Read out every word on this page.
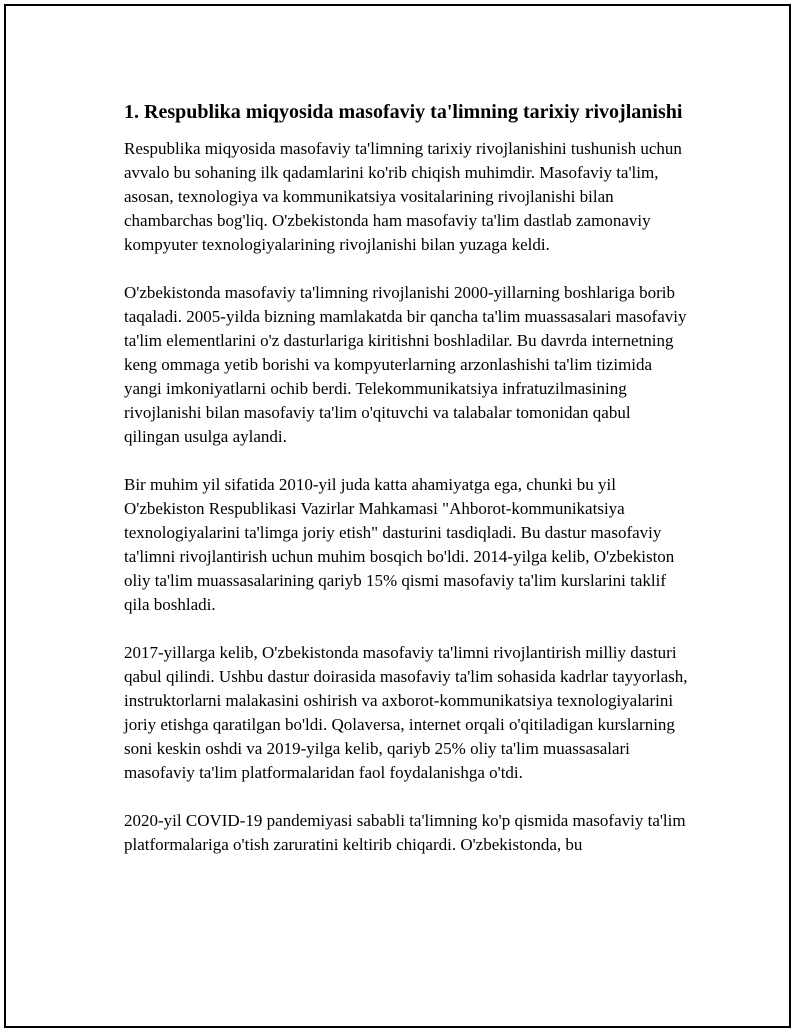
1. Respublika miqyosida masofaviy ta'limning tarixiy rivojlanishi

Respublika miqyosida masofaviy ta'limning tarixiy rivojlanishini tushunish uchun avvalo bu sohaning ilk qadamlarini ko'rib chiqish muhimdir. Masofaviy ta'lim, asosan, texnologiya va kommunikatsiya vositalarining rivojlanishi bilan chambarchas bog'liq. O'zbekistonda ham masofaviy ta'lim dastlab zamonaviy kompyuter texnologiyalarining rivojlanishi bilan yuzaga keldi.

O'zbekistonda masofaviy ta'limning rivojlanishi 2000-yillarning boshlariga borib taqaladi. 2005-yilda bizning mamlakatda bir qancha ta'lim muassasalari masofaviy ta'lim elementlarini o'z dasturlariga kiritishni boshladilar. Bu davrda internetning keng ommaga yetib borishi va kompyuterlarning arzonlashishi ta'lim tizimida yangi imkoniyatlarni ochib berdi. Telekommunikatsiya infratuzilmasining rivojlanishi bilan masofaviy ta'lim o'qituvchi va talabalar tomonidan qabul qilingan usulga aylandi.

Bir muhim yil sifatida 2010-yil juda katta ahamiyatga ega, chunki bu yil O'zbekiston Respublikasi Vazirlar Mahkamasi "Ahborot-kommunikatsiya texnologiyalarini ta'limga joriy etish" dasturini tasdiqladi. Bu dastur masofaviy ta'limni rivojlantirish uchun muhim bosqich bo'ldi. 2014-yilga kelib, O'zbekiston oliy ta'lim muassasalarining qariyb 15% qismi masofaviy ta'lim kurslarini taklif qila boshladi.

2017-yillarga kelib, O'zbekistonda masofaviy ta'limni rivojlantirish milliy dasturi qabul qilindi. Ushbu dastur doirasida masofaviy ta'lim sohasida kadrlar tayyorlash, instruktorlarni malakasini oshirish va axborot-kommunikatsiya texnologiyalarini joriy etishga qaratilgan bo'ldi. Qolaversa, internet orqali o'qitiladigan kurslarning soni keskin oshdi va 2019-yilga kelib, qariyb 25% oliy ta'lim muassasalari masofaviy ta'lim platformalaridan faol foydalanishga o'tdi.

2020-yil COVID-19 pandemiyasi sababli ta'limning ko'p qismida masofaviy ta'lim platformalariga o'tish zaruratini keltirib chiqardi. O'zbekistonda, bu
